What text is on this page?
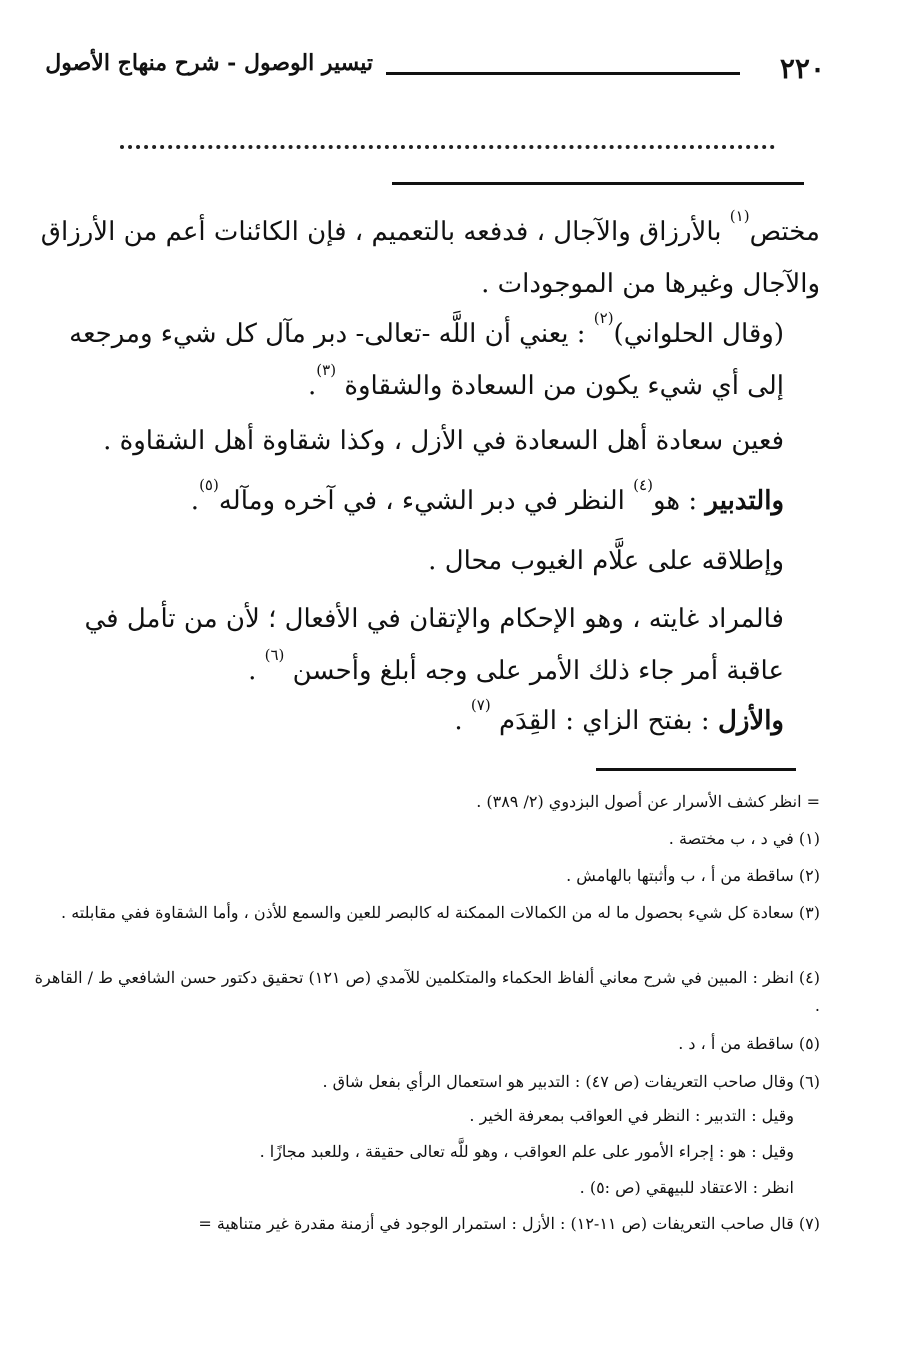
٢٢٠
تيسير الوصول - شرح منهاج الأصول
مختص$^{(١)}$ بالأرزاق والآجال ، فدفعه بالتعميم ، فإن الكائنات أعم من الأرزاق والآجال وغيرها من الموجودات .
(وقال الحلواني)$^{(٢)}$ : يعني أن اللَّه -تعالى- دبر مآل كل شيء ومرجعه إلى أي شيء يكون من السعادة والشقاوة $^{(٣)}$.
فعين سعادة أهل السعادة في الأزل ، وكذا شقاوة أهل الشقاوة .
والتدبير : هو$^{(٤)}$ النظر في دبر الشيء ، في آخره ومآله$^{(٥)}$.
وإطلاقه على علَّام الغيوب محال .
فالمراد غايته ، وهو الإحكام والإتقان في الأفعال ؛ لأن من تأمل في عاقبة أمر جاء ذلك الأمر على وجه أبلغ وأحسن $^{(٦)}$ .
والأزل : بفتح الزاي : القِدَم $^{(٧)}$ .
= انظر كشف الأسرار عن أصول البزدوي (٢/ ٣٨٩) .
(١) في د ، ب مختصة .
(٢) ساقطة من أ ، ب وأثبتها بالهامش .
(٣) سعادة كل شيء بحصول ما له من الكمالات الممكنة له كالبصر للعين والسمع للأذن ، وأما الشقاوة ففي مقابلته .
(٤) انظر : المبين في شرح معاني ألفاظ الحكماء والمتكلمين للآمدي (ص ١٢١) تحقيق دكتور حسن الشافعي ط / القاهرة .
(٥) ساقطة من أ ، د .
(٦) وقال صاحب التعريفات (ص ٤٧) : التدبير هو استعمال الرأي بفعل شاق .
وقيل : التدبير : النظر في العواقب بمعرفة الخير .
وقيل : هو : إجراء الأمور على علم العواقب ، وهو للَّه تعالى حقيقة ، وللعبد مجازًا .
انظر : الاعتقاد للبيهقي (ص :٥) .
(٧) قال صاحب التعريفات (ص ١١-١٢) : الأزل : استمرار الوجود في أزمنة مقدرة غير متناهية =
